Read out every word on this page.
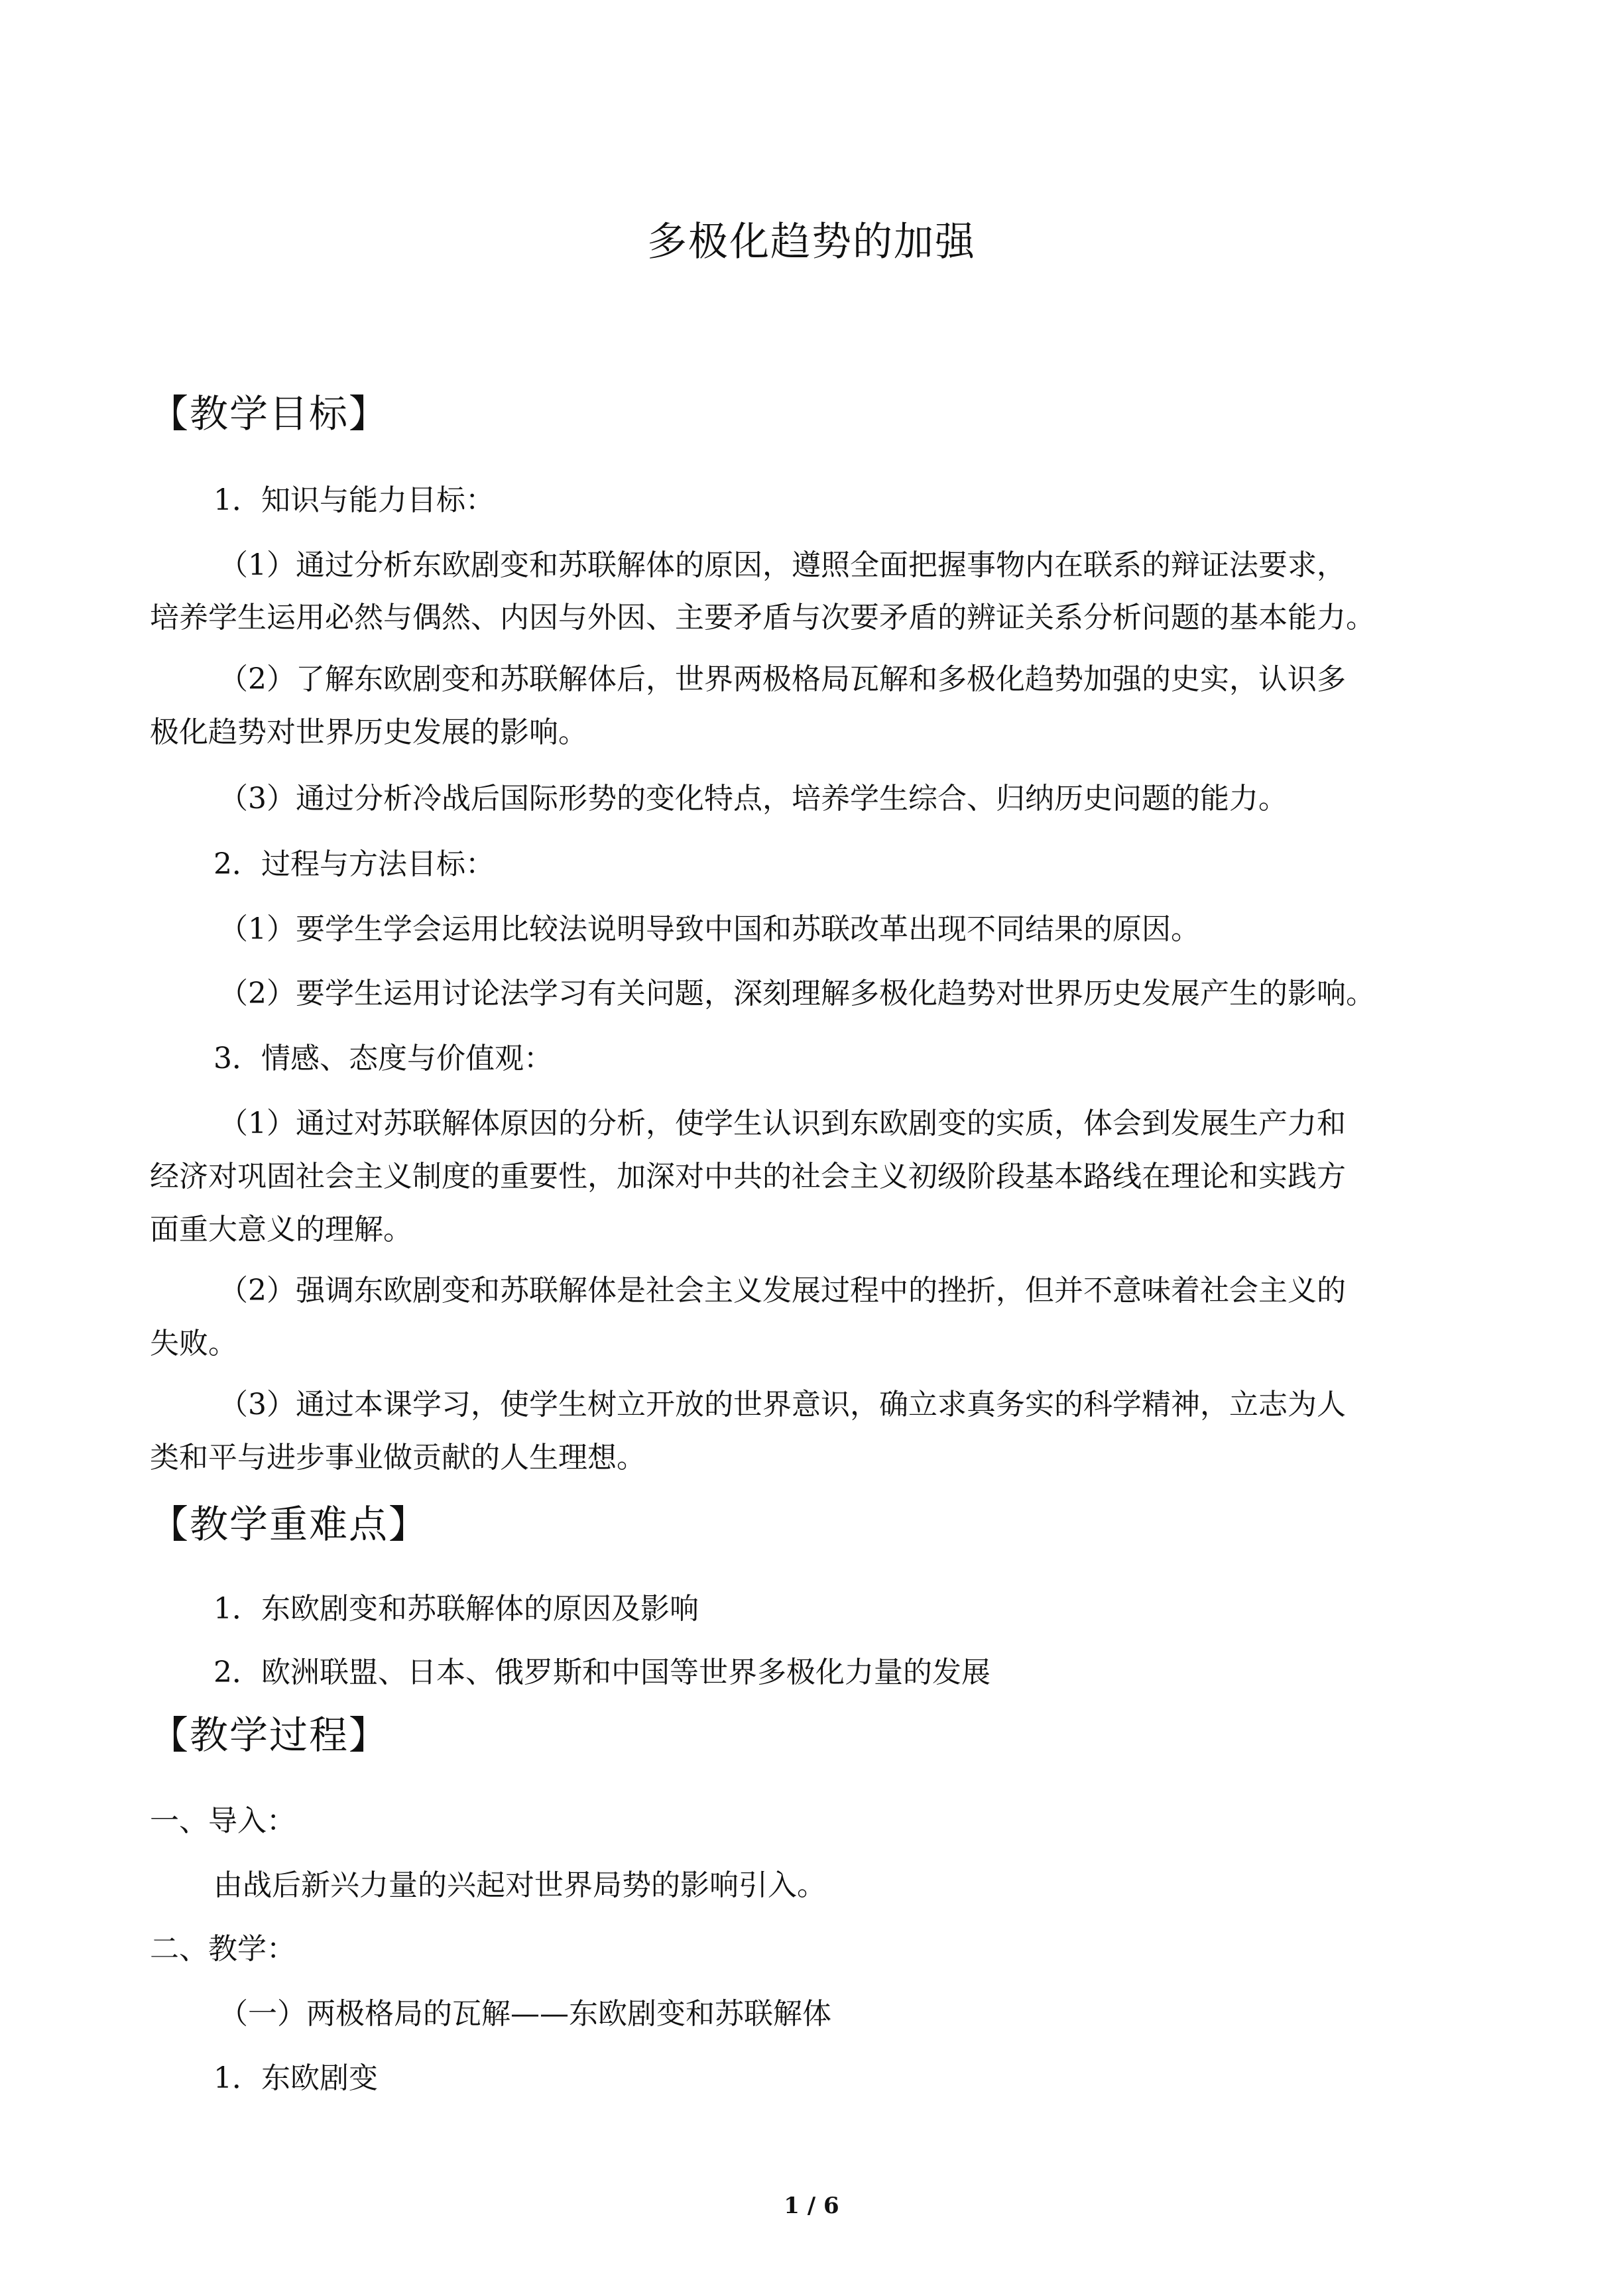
多极化趋势的加强
【教学目标】
1．知识与能力目标：
（1）通过分析东欧剧变和苏联解体的原因，遵照全面把握事物内在联系的辩证法要求，
培养学生运用必然与偶然、内因与外因、主要矛盾与次要矛盾的辨证关系分析问题的基本能力。
（2）了解东欧剧变和苏联解体后，世界两极格局瓦解和多极化趋势加强的史实，认识多
极化趋势对世界历史发展的影响。
（3）通过分析冷战后国际形势的变化特点，培养学生综合、归纳历史问题的能力。
2．过程与方法目标：
（1）要学生学会运用比较法说明导致中国和苏联改革出现不同结果的原因。
（2）要学生运用讨论法学习有关问题，深刻理解多极化趋势对世界历史发展产生的影响。
3．情感、态度与价值观：
（1）通过对苏联解体原因的分析，使学生认识到东欧剧变的实质，体会到发展生产力和
经济对巩固社会主义制度的重要性，加深对中共的社会主义初级阶段基本路线在理论和实践方
面重大意义的理解。
（2）强调东欧剧变和苏联解体是社会主义发展过程中的挫折，但并不意味着社会主义的
失败。
（3）通过本课学习，使学生树立开放的世界意识，确立求真务实的科学精神，立志为人
类和平与进步事业做贡献的人生理想。
【教学重难点】
1．东欧剧变和苏联解体的原因及影响
2．欧洲联盟、日本、俄罗斯和中国等世界多极化力量的发展
【教学过程】
一、导入：
由战后新兴力量的兴起对世界局势的影响引入。
二、教学：
（一）两极格局的瓦解——东欧剧变和苏联解体
1．东欧剧变
1 / 6
